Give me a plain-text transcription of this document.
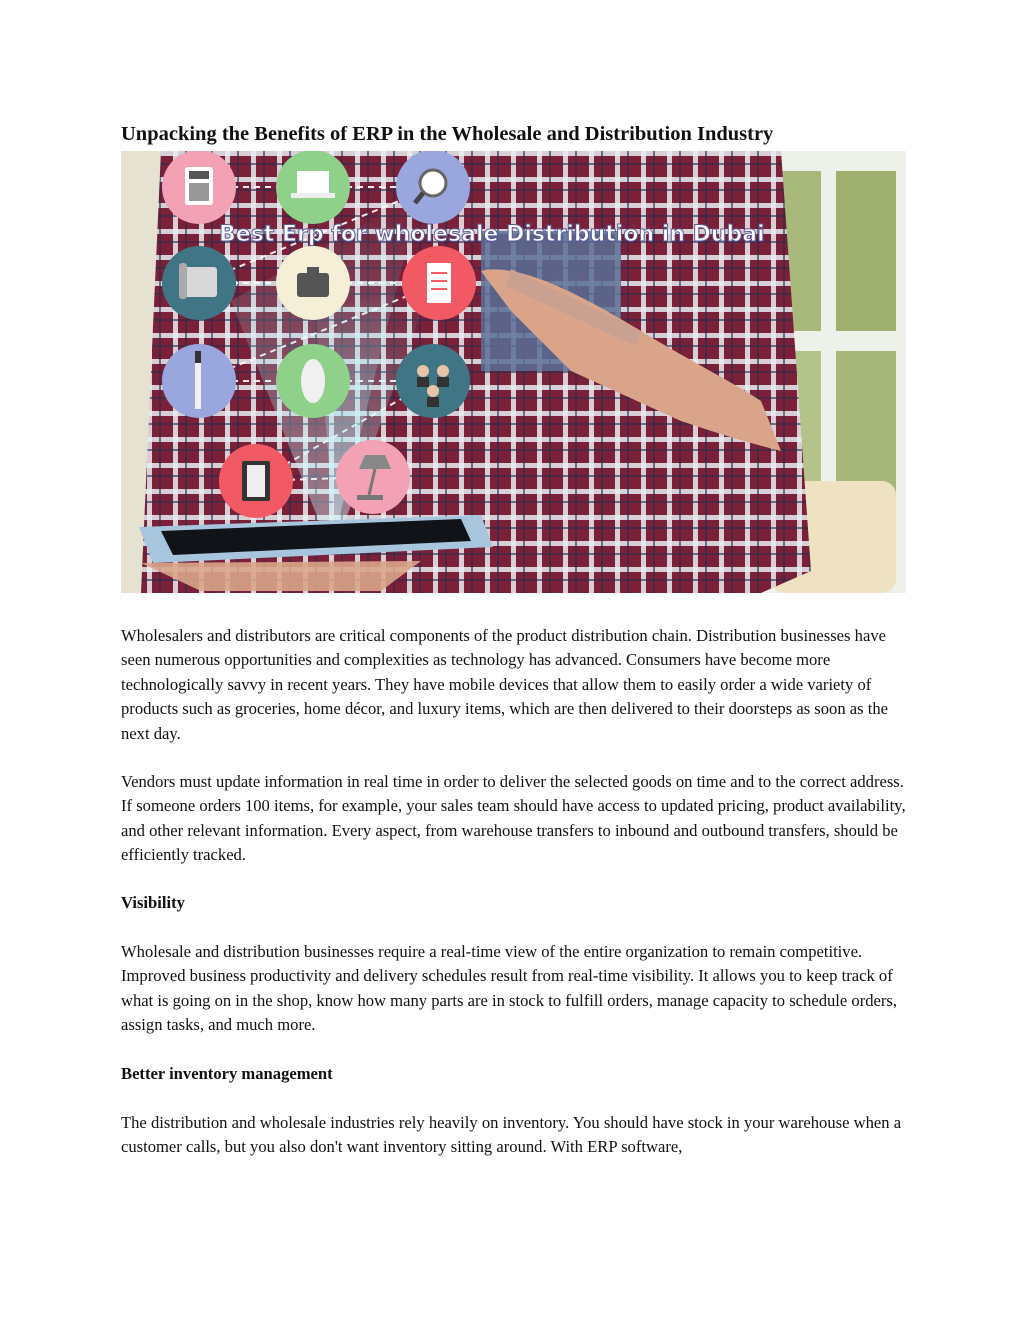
Unpacking the Benefits of ERP in the Wholesale and Distribution Industry
Best Erp for wholesale Distribution in Dubai

Wholesalers and distributors are critical components of the product distribution chain. Distribution businesses have seen numerous opportunities and complexities as technology has advanced. Consumers have become more technologically savvy in recent years. They have mobile devices that allow them to easily order a wide variety of products such as groceries, home décor, and luxury items, which are then delivered to their doorsteps as soon as the next day.

Vendors must update information in real time in order to deliver the selected goods on time and to the correct address. If someone orders 100 items, for example, your sales team should have access to updated pricing, product availability, and other relevant information. Every aspect, from warehouse transfers to inbound and outbound transfers, should be efficiently tracked.

Visibility

Wholesale and distribution businesses require a real-time view of the entire organization to remain competitive. Improved business productivity and delivery schedules result from real-time visibility. It allows you to keep track of what is going on in the shop, know how many parts are in stock to fulfill orders, manage capacity to schedule orders, assign tasks, and much more.

Better inventory management

The distribution and wholesale industries rely heavily on inventory. You should have stock in your warehouse when a customer calls, but you also don't want inventory sitting around. With ERP software,
